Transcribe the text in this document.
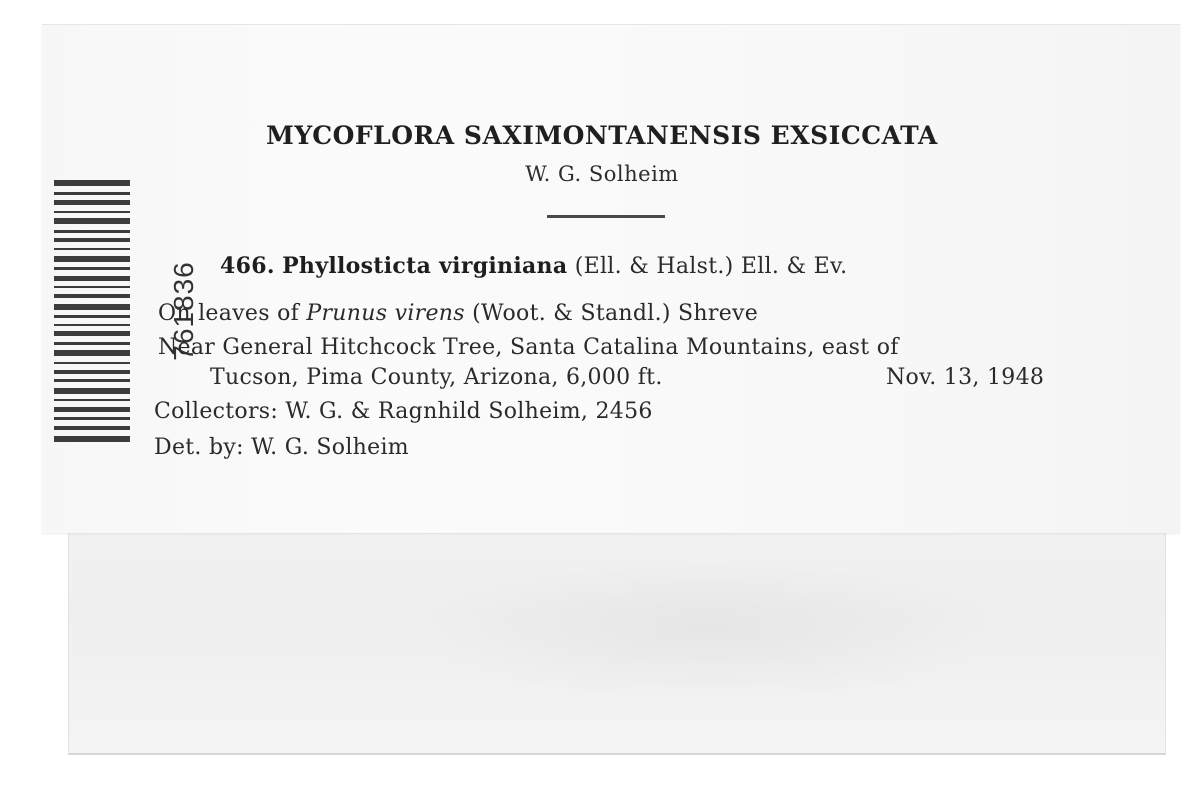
761836
MYCOFLORA SAXIMONTANENSIS EXSICCATA
W. G. Solheim
466. Phyllosticta virginiana (Ell. & Halst.) Ell. & Ev.
On leaves of Prunus virens (Woot. & Standl.) Shreve
Near General Hitchcock Tree, Santa Catalina Mountains, east of
Tucson, Pima County, Arizona, 6,000 ft.	Nov. 13, 1948
Collectors: W. G. & Ragnhild Solheim, 2456
Det. by: W. G. Solheim
